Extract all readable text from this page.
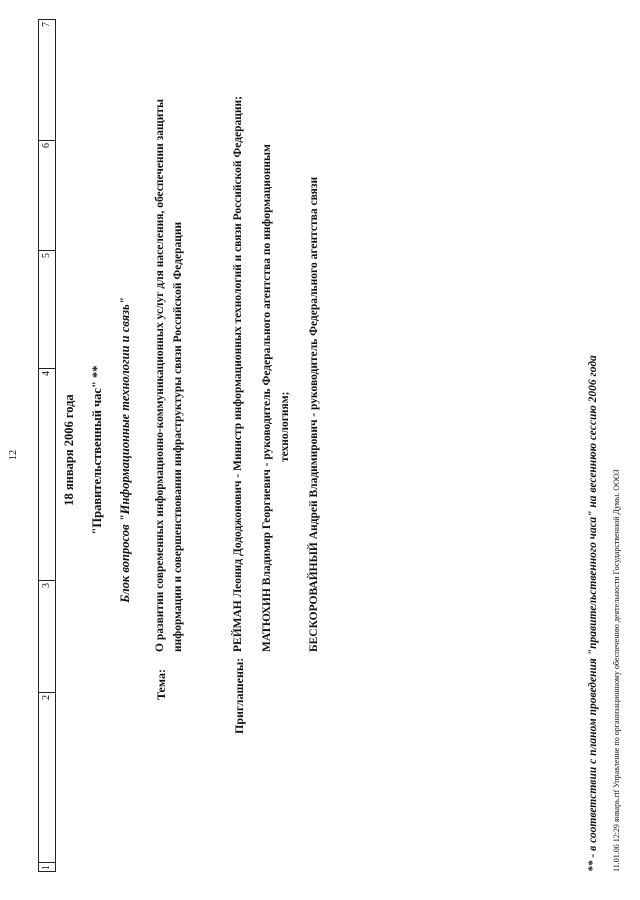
12
1
2
3
4
5
6
7
18 января 2006 года "Правительственный час" ** Блок вопросов "Информационные технологии и связь"
Тема:
О развитии современных информационно-коммуникационных услуг для населения, обеспечении защиты информации и совершенствовании инфраструктуры связи Российской Федерации
Приглашены:
РЕЙМАН Леонид Дододжонович - Министр информационных технологий и связи Российской Федерации; МАТЮХИН Владимир Георгиевич - руководитель Федерального агентства по информационным технологиям; БЕСКОРОВАЙНЫЙ Андрей Владимирович - руководитель Федерального агентства связи	** - в соответствии с планом проведения "правительственного часа" на весеннюю сессию 2006 года 11.01.06 12:29 январь.rtf Управление по организационному обеспечению деятельности Государственной Думы. ОООЗ
